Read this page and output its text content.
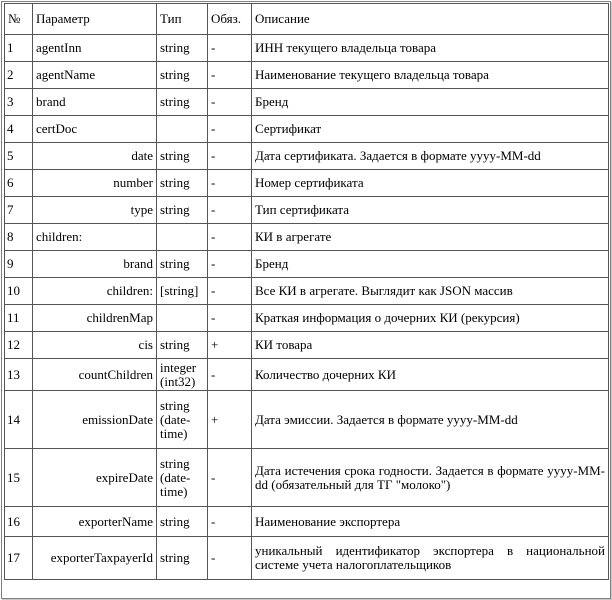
№	Параметр	Тип	Обяз.	Описание
1	agentInn	string	-	ИНН текущего владельца товара
2	agentName	string	-	Наименование текущего владельца товара
3	brand	string	-	Бренд
4	certDoc		-	Сертификат
5	date	string	-	Дата сертификата. Задается в формате yyyy-MM-dd
6	number	string	-	Номер сертификата
7	type	string	-	Тип сертификата
8	children:		-	КИ в агрегате
9	brand	string	-	Бренд
10	children:	[string]	-	Все КИ в агрегате. Выглядит как JSON массив
11	childrenMap		-	Краткая информация о дочерних КИ (рекурсия)
12	cis	string	+	КИ товара
13	countChildren	integer (int32)	-	Количество дочерних КИ
14	emissionDate	string (date-time)	+	Дата эмиссии. Задается в формате yyyy-MM-dd
15	expireDate	string (date-time)	-	Дата истечения срока годности. Задается в формате yyyy-MM-dd (обязательный для ТГ "молоко")
16	exporterName	string	-	Наименование экспортера
17	exporterTaxpayerId	string	-	уникальный идентификатор экспортера в национальной системе учета налогоплательщиков
